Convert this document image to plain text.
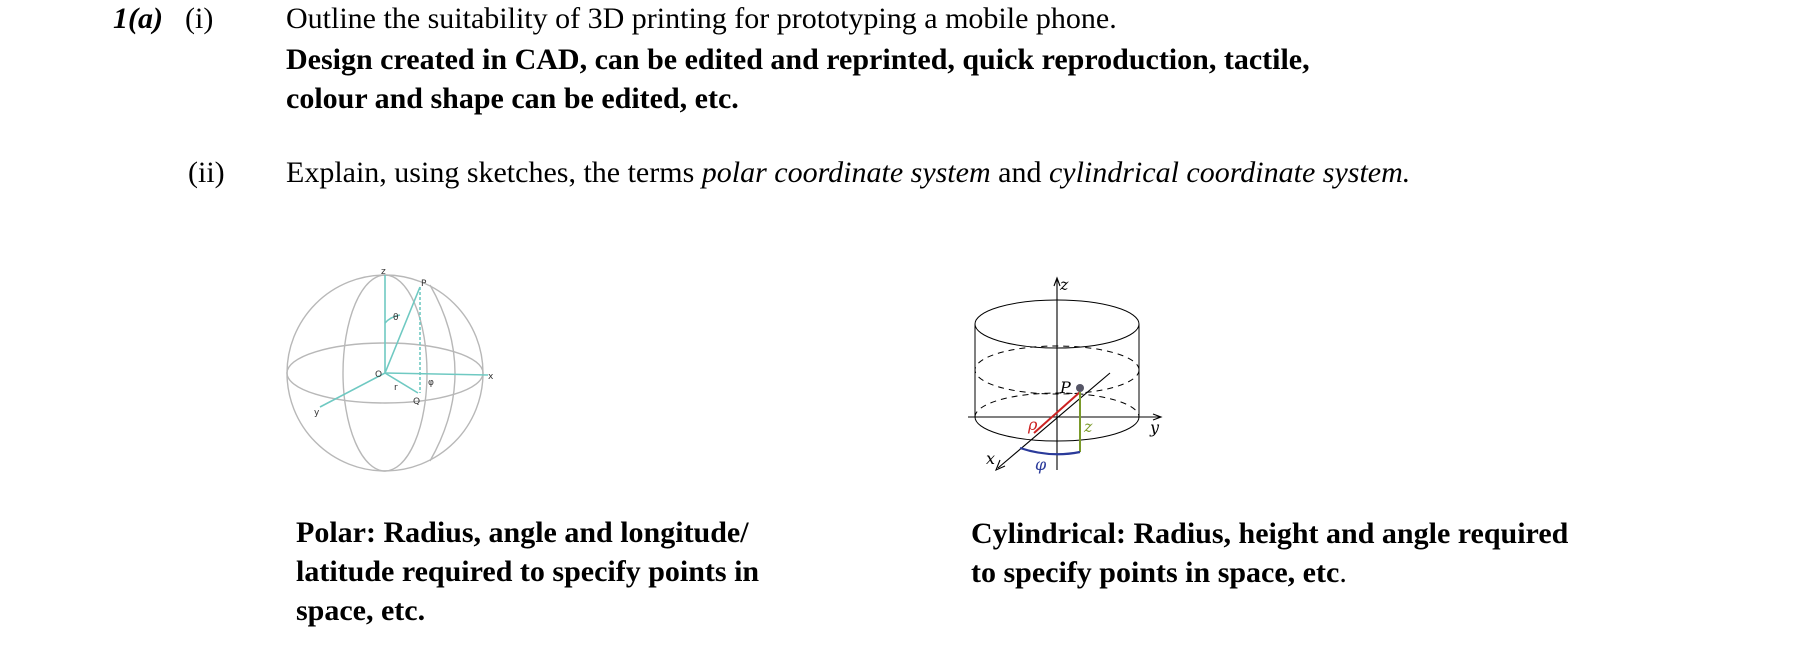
1(a) (i) Outline the suitability of 3D printing for prototyping a mobile phone.
Design created in CAD, can be edited and reprinted, quick reproduction, tactile,
colour and shape can be edited, etc.
(ii) Explain, using sketches, the terms polar coordinate system and cylindrical coordinate system.
z
P
θ
O
r
Q
φ
x
y
z
P
ρ	z	y
x φ
Polar: Radius, angle and longitude/
latitude required to specify points in
space, etc.
Cylindrical: Radius, height and angle required
to specify points in space, etc.
